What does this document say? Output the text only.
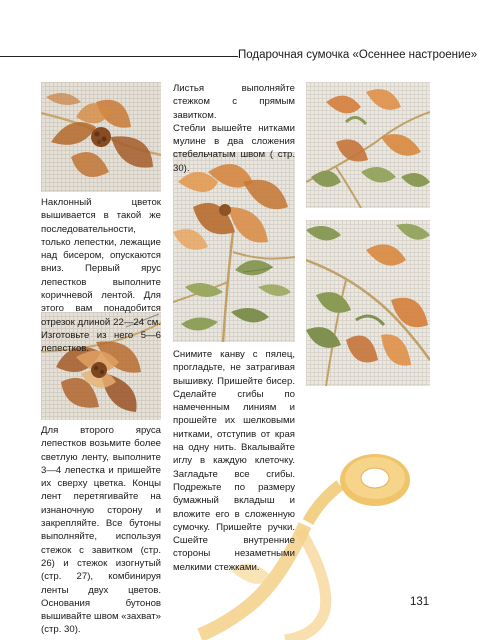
Подарочная сумочка «Осеннее настроение»

Листья выполняйте стежком с прямым завитком.

Стебли вышейте нитками мулине в два сложения стебельчатым швом ( стр. 30).

Наклонный цветок вышивается в такой же последовательности, только лепестки, лежащие над бисером, опускаются вниз. Первый ярус лепестков выполните коричневой лентой. Для этого вам понадобится отрезок длиной 22—24 см. Изготовьте из него 5—6 лепестков.
Для второго яруса лепестков возьмите более светлую ленту, выполните 3—4 лепестка и пришейте их сверху цветка. Концы лент перетягивайте на изнаночную сторону и закрепляйте. Все бутоны выполняйте, используя стежок с завитком (стр. 26) и стежок изогнутый (стр. 27), комбинируя ленты двух цветов. Основания бутонов вышивайте швом «захват» (стр. 30).
Снимите канву с пялец, прогладьте, не затрагивая вышивку. Пришейте бисер. Сделайте сгибы по намеченным линиям и прошейте их шелковыми нитками, отступив от края на одну нить. Вкалывайте иглу в каждую клеточку. Загладьте все сгибы. Подрежьте по размеру бумажный вкладыш и вложите его в сложенную сумочку. Пришейте ручки. Сшейте внутренние стороны незаметными мелкими стежками.
131
